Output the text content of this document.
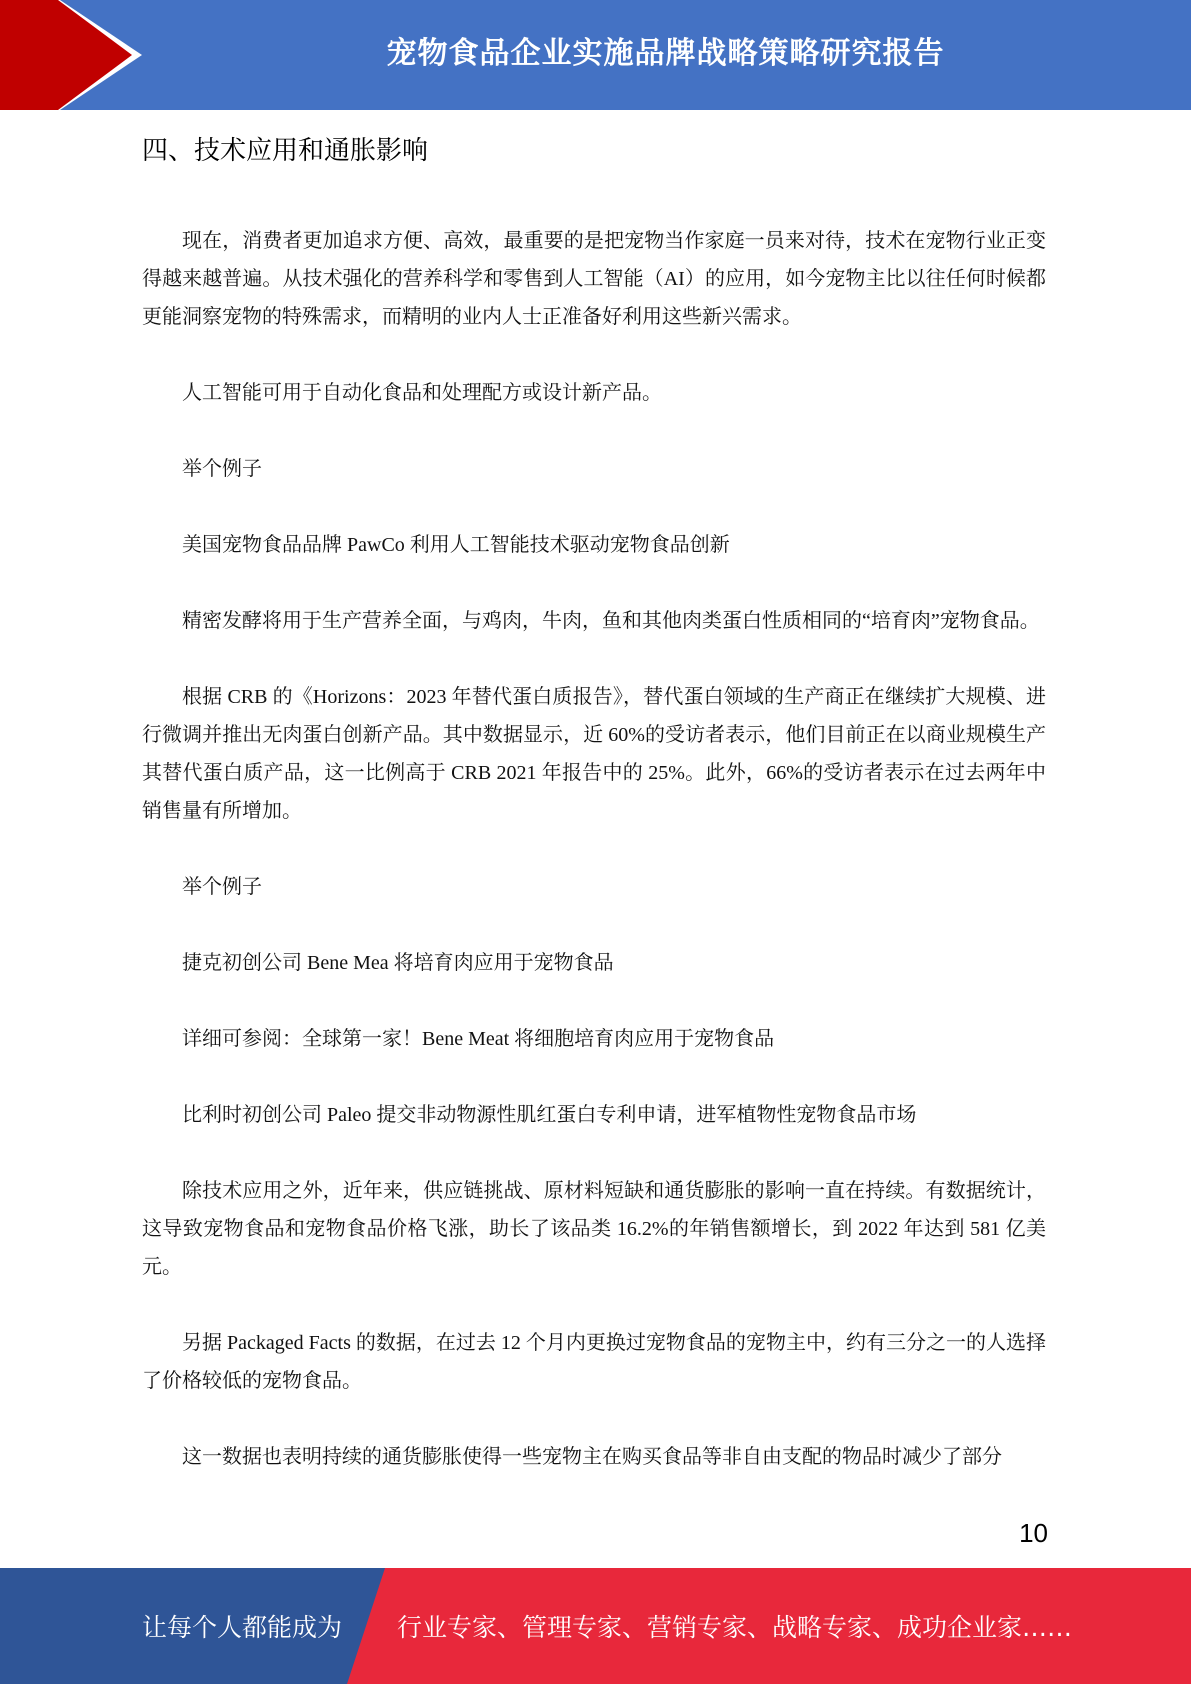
宠物食品企业实施品牌战略策略研究报告
四、技术应用和通胀影响

现在，消费者更加追求方便、高效，最重要的是把宠物当作家庭一员来对待，技术在宠物行业正变得越来越普遍。从技术强化的营养科学和零售到人工智能（AI）的应用，如今宠物主比以往任何时候都更能洞察宠物的特殊需求，而精明的业内人士正准备好利用这些新兴需求。

人工智能可用于自动化食品和处理配方或设计新产品。

举个例子

美国宠物食品品牌 PawCo 利用人工智能技术驱动宠物食品创新

精密发酵将用于生产营养全面，与鸡肉，牛肉，鱼和其他肉类蛋白性质相同的“培育肉”宠物食品。

根据 CRB 的《Horizons：2023 年替代蛋白质报告》，替代蛋白领域的生产商正在继续扩大规模、进行微调并推出无肉蛋白创新产品。其中数据显示，近 60%的受访者表示，他们目前正在以商业规模生产其替代蛋白质产品，这一比例高于 CRB 2021 年报告中的 25%。此外，66%的受访者表示在过去两年中销售量有所增加。

举个例子

捷克初创公司 Bene Mea 将培育肉应用于宠物食品

详细可参阅：全球第一家！Bene Meat 将细胞培育肉应用于宠物食品

比利时初创公司 Paleo 提交非动物源性肌红蛋白专利申请，进军植物性宠物食品市场

除技术应用之外，近年来，供应链挑战、原材料短缺和通货膨胀的影响一直在持续。有数据统计，这导致宠物食品和宠物食品价格飞涨，助长了该品类 16.2%的年销售额增长，到 2022 年达到 581 亿美元。

另据 Packaged Facts 的数据，在过去 12 个月内更换过宠物食品的宠物主中，约有三分之一的人选择了价格较低的宠物食品。

这一数据也表明持续的通货膨胀使得一些宠物主在购买食品等非自由支配的物品时减少了部分

10
让每个人都能成为 行业专家、管理专家、营销专家、战略专家、成功企业家……
